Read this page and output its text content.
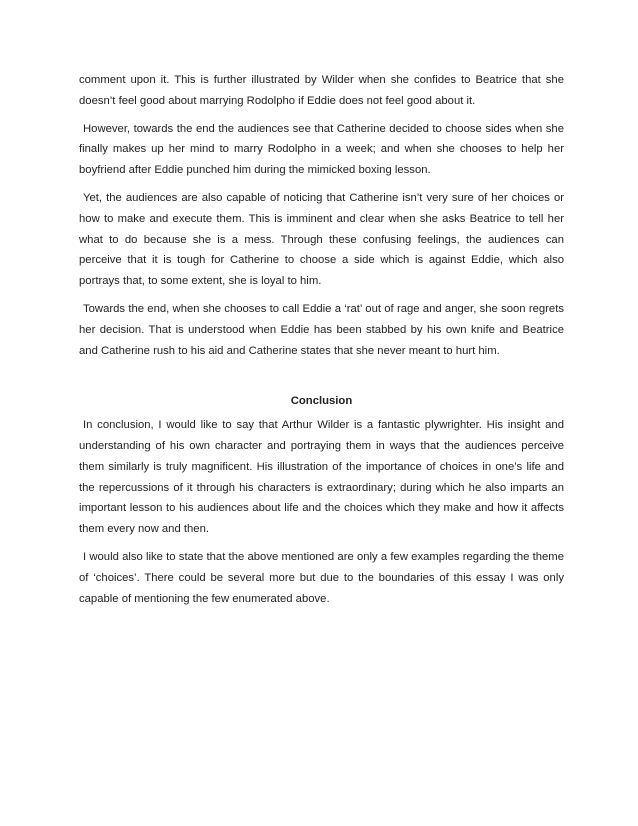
comment upon it. This is further illustrated by Wilder when she confides to Beatrice that she doesn’t feel good about marrying Rodolpho if Eddie does not feel good about it.

However, towards the end the audiences see that Catherine decided to choose sides when she finally makes up her mind to marry Rodolpho in a week; and when she chooses to help her boyfriend after Eddie punched him during the mimicked boxing lesson.

Yet, the audiences are also capable of noticing that Catherine isn’t very sure of her choices or how to make and execute them. This is imminent and clear when she asks Beatrice to tell her what to do because she is a mess. Through these confusing feelings, the audiences can perceive that it is tough for Catherine to choose a side which is against Eddie, which also portrays that, to some extent, she is loyal to him.

Towards the end, when she chooses to call Eddie a ‘rat’ out of rage and anger, she soon regrets her decision. That is understood when Eddie has been stabbed by his own knife and Beatrice and Catherine rush to his aid and Catherine states that she never meant to hurt him.

Conclusion

In conclusion, I would like to say that Arthur Wilder is a fantastic plywrighter. His insight and understanding of his own character and portraying them in ways that the audiences perceive them similarly is truly magnificent. His illustration of the importance of choices in one’s life and the repercussions of it through his characters is extraordinary; during which he also imparts an important lesson to his audiences about life and the choices which they make and how it affects them every now and then.

I would also like to state that the above mentioned are only a few examples regarding the theme of ‘choices’. There could be several more but due to the boundaries of this essay I was only capable of mentioning the few enumerated above.
